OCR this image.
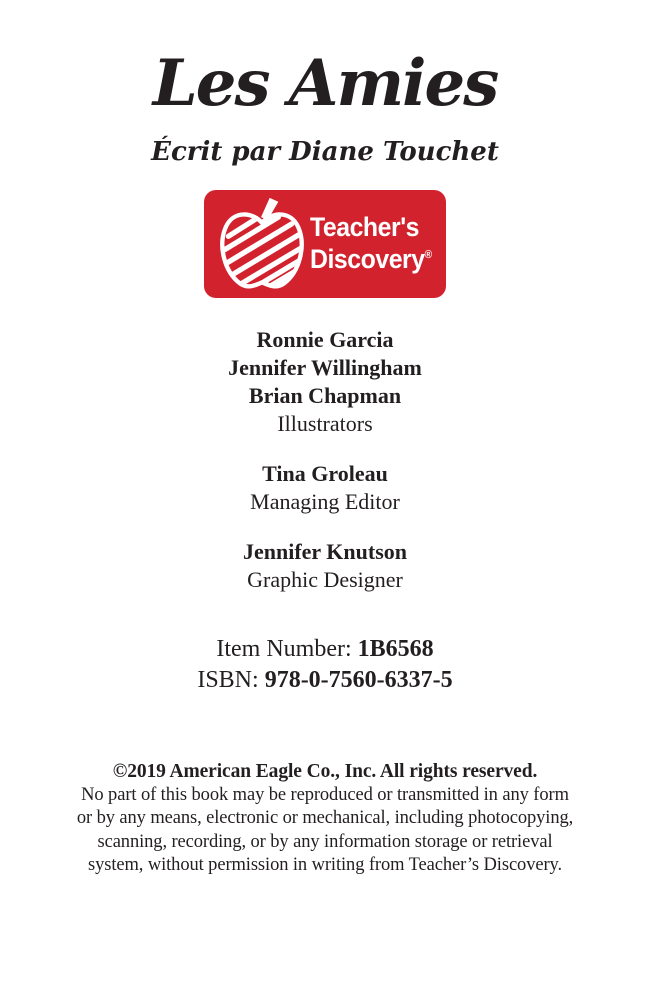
Les Amies
Écrit par Diane Touchet
Teacher's
Discovery®
Ronnie Garcia
Jennifer Willingham
Brian Chapman
Illustrators
Tina Groleau
Managing Editor
Jennifer Knutson
Graphic Designer
Item Number: 1B6568
ISBN: 978-0-7560-6337-5
©2019 American Eagle Co., Inc. All rights reserved.
No part of this book may be reproduced or transmitted in any form
or by any means, electronic or mechanical, including photocopying,
scanning, recording, or by any information storage or retrieval
system, without permission in writing from Teacher’s Discovery.
